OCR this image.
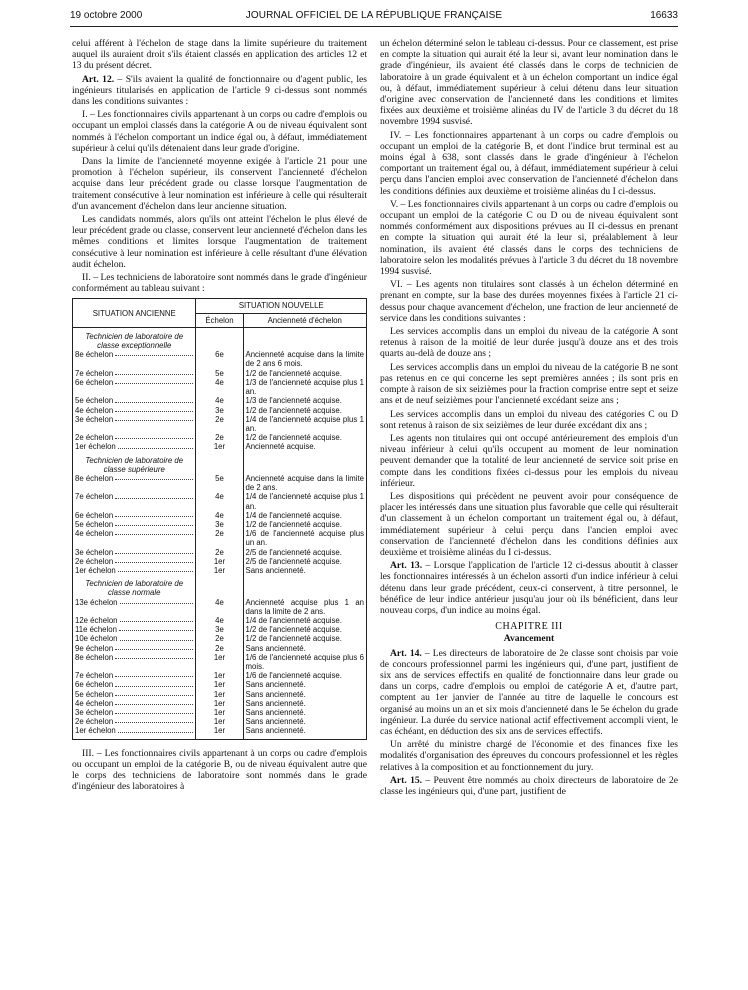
19 octobre 2000	JOURNAL OFFICIEL DE LA RÉPUBLIQUE FRANÇAISE	16633

celui afférent à l'échelon de stage dans la limite supérieure du traitement auquel ils auraient droit s'ils étaient classés en application des articles 12 et 13 du présent décret.

Art. 12. – S'ils avaient la qualité de fonctionnaire ou d'agent public, les ingénieurs titularisés en application de l'article 9 ci-dessus sont nommés dans les conditions suivantes :

I. – Les fonctionnaires civils appartenant à un corps ou cadre d'emplois ou occupant un emploi classés dans la catégorie A ou de niveau équivalent sont nommés à l'échelon comportant un indice égal ou, à défaut, immédiatement supérieur à celui qu'ils détenaient dans leur grade d'origine.

Dans la limite de l'ancienneté moyenne exigée à l'article 21 pour une promotion à l'échelon supérieur, ils conservent l'ancienneté d'échelon acquise dans leur précédent grade ou classe lorsque l'augmentation de traitement consécutive à leur nomination est inférieure à celle qui résulterait d'un avancement d'échelon dans leur ancienne situation.

Les candidats nommés, alors qu'ils ont atteint l'échelon le plus élevé de leur précédent grade ou classe, conservent leur ancienneté d'échelon dans les mêmes conditions et limites lorsque l'augmentation de traitement consécutive à leur nomination est inférieure à celle résultant d'une élévation audit échelon.

II. – Les techniciens de laboratoire sont nommés dans le grade d'ingénieur conformément au tableau suivant :

SITUATION ANCIENNE	SITUATION NOUVELLE	
	Échelon	Ancienneté d'échelon
Technicien de laboratoire de classe exceptionnelle		

8e échelon	6e	Ancienneté acquise dans la limite de 2 ans 6 mois.

7e échelon	5e	1/2 de l'ancienneté acquise.

6e échelon	4e	1/3 de l'ancienneté acquise plus 1 an.

5e échelon	4e	1/3 de l'ancienneté acquise.

4e échelon	3e	1/2 de l'ancienneté acquise.

3e échelon	2e	1/4 de l'ancienneté acquise plus 1 an.

2e échelon	2e	1/2 de l'ancienneté acquise.

1er échelon	1er	Ancienneté acquise.
Technicien de laboratoire de classe supérieure		

8e échelon	5e	Ancienneté acquise dans la limite de 2 ans.

7e échelon	4e	1/4 de l'ancienneté acquise plus 1 an.

6e échelon	4e	1/4 de l'ancienneté acquise.

5e échelon	3e	1/2 de l'ancienneté acquise.

4e échelon	2e	1/6 de l'ancienneté acquise plus un an.

3e échelon	2e	2/5 de l'ancienneté acquise.

2e échelon	1er	2/5 de l'ancienneté acquise.

1er échelon	1er	Sans ancienneté.
Technicien de laboratoire de classe normale		

13e échelon	4e	Ancienneté acquise plus 1 an dans la limite de 2 ans.

12e échelon	4e	1/4 de l'ancienneté acquise.

11e échelon	3e	1/2 de l'ancienneté acquise.

10e échelon	2e	1/2 de l'ancienneté acquise.

9e échelon	2e	Sans ancienneté.

8e échelon	1er	1/6 de l'ancienneté acquise plus 6 mois.

7e échelon	1er	1/6 de l'ancienneté acquise.

6e échelon	1er	Sans ancienneté.

5e échelon	1er	Sans ancienneté.

4e échelon	1er	Sans ancienneté.

3e échelon	1er	Sans ancienneté.

2e échelon	1er	Sans ancienneté.

1er échelon	1er	Sans ancienneté.

III. – Les fonctionnaires civils appartenant à un corps ou cadre d'emplois ou occupant un emploi de la catégorie B, ou de niveau équivalent autre que le corps des techniciens de laboratoire sont nommés dans le grade d'ingénieur des laboratoires à

un échelon déterminé selon le tableau ci-dessus. Pour ce classement, est prise en compte la situation qui aurait été la leur si, avant leur nomination dans le grade d'ingénieur, ils avaient été classés dans le corps de technicien de laboratoire à un grade équivalent et à un échelon comportant un indice égal ou, à défaut, immédiatement supérieur à celui détenu dans leur situation d'origine avec conservation de l'ancienneté dans les conditions et limites fixées aux deuxième et troisième alinéas du IV de l'article 3 du décret du 18 novembre 1994 susvisé.

IV. – Les fonctionnaires appartenant à un corps ou cadre d'emplois ou occupant un emploi de la catégorie B, et dont l'indice brut terminal est au moins égal à 638, sont classés dans le grade d'ingénieur à l'échelon comportant un traitement égal ou, à défaut, immédiatement supérieur à celui perçu dans l'ancien emploi avec conservation de l'ancienneté d'échelon dans les conditions définies aux deuxième et troisième alinéas du I ci-dessus.

V. – Les fonctionnaires civils appartenant à un corps ou cadre d'emplois ou occupant un emploi de la catégorie C ou D ou de niveau équivalent sont nommés conformément aux dispositions prévues au II ci-dessus en prenant en compte la situation qui aurait été la leur si, préalablement à leur nomination, ils avaient été classés dans le corps des techniciens de laboratoire selon les modalités prévues à l'article 3 du décret du 18 novembre 1994 susvisé.

VI. – Les agents non titulaires sont classés à un échelon déterminé en prenant en compte, sur la base des durées moyennes fixées à l'article 21 ci-dessus pour chaque avancement d'échelon, une fraction de leur ancienneté de service dans les conditions suivantes :

Les services accomplis dans un emploi du niveau de la catégorie A sont retenus à raison de la moitié de leur durée jusqu'à douze ans et des trois quarts au-delà de douze ans ;

Les services accomplis dans un emploi du niveau de la catégorie B ne sont pas retenus en ce qui concerne les sept premières années ; ils sont pris en compte à raison de six seizièmes pour la fraction comprise entre sept et seize ans et de neuf seizièmes pour l'ancienneté excédant seize ans ;

Les services accomplis dans un emploi du niveau des catégories C ou D sont retenus à raison de six seizièmes de leur durée excédant dix ans ;

Les agents non titulaires qui ont occupé antérieurement des emplois d'un niveau inférieur à celui qu'ils occupent au moment de leur nomination peuvent demander que la totalité de leur ancienneté de service soit prise en compte dans les conditions fixées ci-dessus pour les emplois du niveau inférieur.

Les dispositions qui précèdent ne peuvent avoir pour conséquence de placer les intéressés dans une situation plus favorable que celle qui résulterait d'un classement à un échelon comportant un traitement égal ou, à défaut, immédiatement supérieur à celui perçu dans l'ancien emploi avec conservation de l'ancienneté d'échelon dans les conditions définies aux deuxième et troisième alinéas du I ci-dessus.

Art. 13. – Lorsque l'application de l'article 12 ci-dessus aboutit à classer les fonctionnaires intéressés à un échelon assorti d'un indice inférieur à celui détenu dans leur grade précédent, ceux-ci conservent, à titre personnel, le bénéfice de leur indice antérieur jusqu'au jour où ils bénéficient, dans leur nouveau corps, d'un indice au moins égal.

CHAPITRE III
Avancement

Art. 14. – Les directeurs de laboratoire de 2e classe sont choisis par voie de concours professionnel parmi les ingénieurs qui, d'une part, justifient de six ans de services effectifs en qualité de fonctionnaire dans leur grade ou dans un corps, cadre d'emplois ou emploi de catégorie A et, d'autre part, comptent au 1er janvier de l'année au titre de laquelle le concours est organisé au moins un an et six mois d'ancienneté dans le 5e échelon du grade ingénieur. La durée du service national actif effectivement accompli vient, le cas échéant, en déduction des six ans de services effectifs.

Un arrêté du ministre chargé de l'économie et des finances fixe les modalités d'organisation des épreuves du concours professionnel et les règles relatives à la composition et au fonctionnement du jury.

Art. 15. – Peuvent être nommés au choix directeurs de laboratoire de 2e classe les ingénieurs qui, d'une part, justifient de
